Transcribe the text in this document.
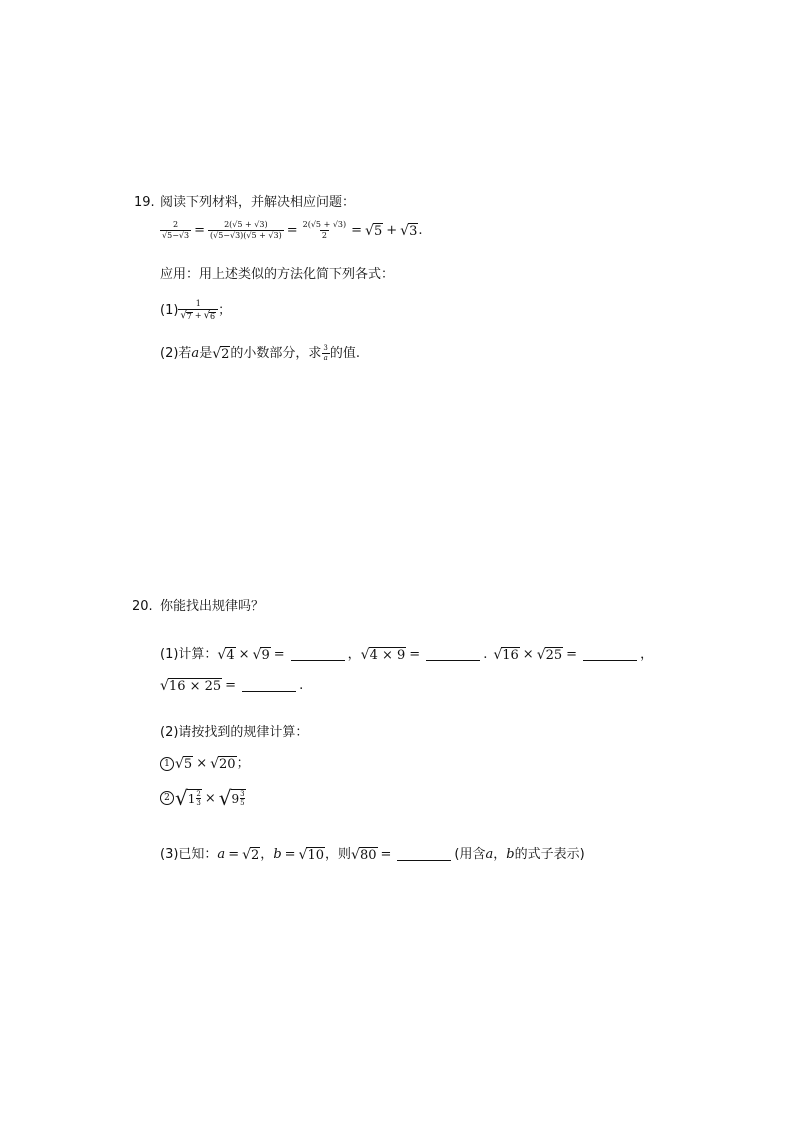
19. 阅读下列材料，并解决相应问题：
$\frac{2}{√5-√3} = \frac{2(√5 + √3)}{(√5-√3)(√5 + √3)} = \frac{2(√5 + √3)}{2}$ = √ 5 + √ 3 .
应用：用上述类似的方法化简下列各式：
$(1) \frac{1}{√ 7 + √ 6}$ ；
(2)若 a 是 √ 2 的小数部分，求 $\frac{3}{a}$ 的值.
20. 你能找出规律吗？
(1)计算： √ 4 × √ 9 =	， √ 4 × 9 =	. √ 16 × √ 25 =	，
√ 16 × 25 =	.
(2)请按找到的规律计算：
1 √ 5 × √ 20 ；
2 √ 1 2
3 × √ 9 3
5
(3)已知： a = √ 2 ， b = √ 10 ，则 √ 80 =	(用含 a ， b 的式子表示)
